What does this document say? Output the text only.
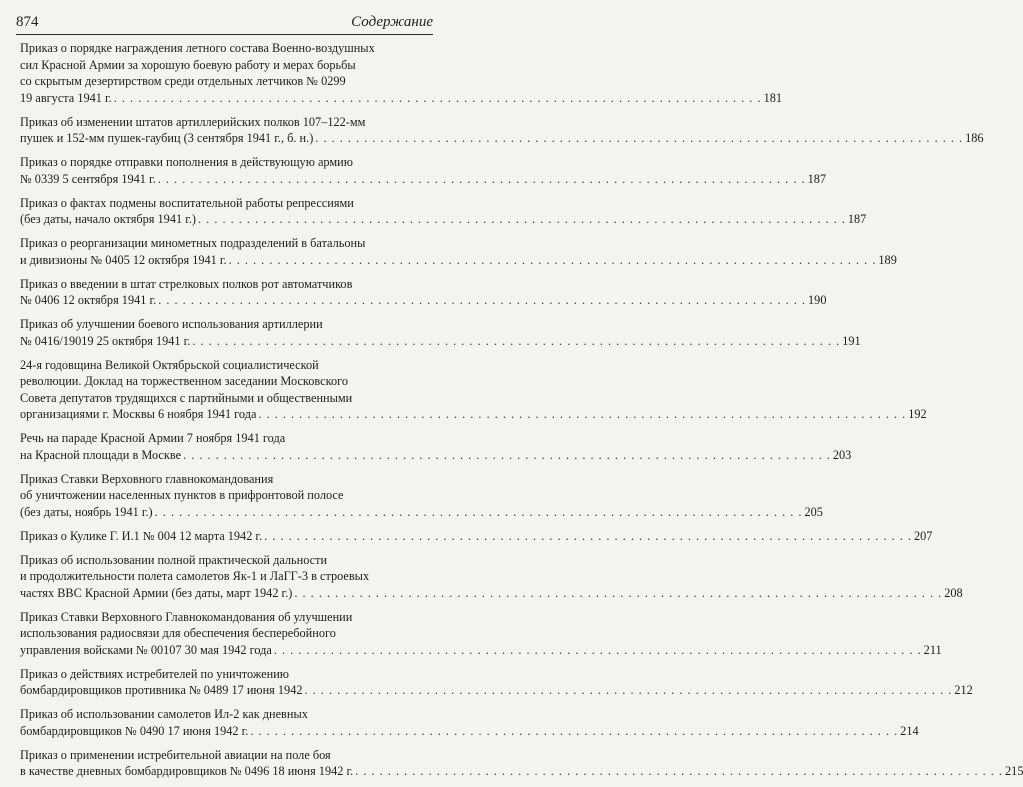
874	Содержание
Приказ о порядке награждения летного состава Военно-воздушных
сил Красной Армии за хорошую боевую работу и мерах борьбы
со скрытым дезертирством среди отдельных летчиков № 0299
19 августа 1941 г. . . . . . . . . . . . . . . . . . . . . . . . . . . . . . . . . . . . . . . . . . . . . . . . . . . . . . . . . . . . . . . . . . . . . . . . . . . . . . . . . 181
Приказ об изменении штатов артиллерийских полков 107–122-мм
пушек и 152-мм пушек-гаубиц (3 сентября 1941 г., б. н.) . . . . . . . . . . . . . . . . . . . . . . . . . . . . . . . . . . . . . . . . . . . . . . . . . . . . . . . . . . . . . . . . . . . . . . . . . . . . . . . . 186
Приказ о порядке отправки пополнения в действующую армию
№ 0339 5 сентября 1941 г. . . . . . . . . . . . . . . . . . . . . . . . . . . . . . . . . . . . . . . . . . . . . . . . . . . . . . . . . . . . . . . . . . . . . . . . . . . . . . . . . 187
Приказ о фактах подмены воспитательной работы репрессиями
(без даты, начало октября 1941 г.) . . . . . . . . . . . . . . . . . . . . . . . . . . . . . . . . . . . . . . . . . . . . . . . . . . . . . . . . . . . . . . . . . . . . . . . . . . . . . . . . 187
Приказ о реорганизации минометных подразделений в батальоны
и дивизионы № 0405 12 октября 1941 г. . . . . . . . . . . . . . . . . . . . . . . . . . . . . . . . . . . . . . . . . . . . . . . . . . . . . . . . . . . . . . . . . . . . . . . . . . . . . . . . . 189
Приказ о введении в штат стрелковых полков рот автоматчиков
№ 0406 12 октября 1941 г. . . . . . . . . . . . . . . . . . . . . . . . . . . . . . . . . . . . . . . . . . . . . . . . . . . . . . . . . . . . . . . . . . . . . . . . . . . . . . . . . 190
Приказ об улучшении боевого использования артиллерии
№ 0416/19019 25 октября 1941 г. . . . . . . . . . . . . . . . . . . . . . . . . . . . . . . . . . . . . . . . . . . . . . . . . . . . . . . . . . . . . . . . . . . . . . . . . . . . . . . . . 191
24-я годовщина Великой Октябрьской социалистической
революции. Доклад на торжественном заседании Московского
Совета депутатов трудящихся с партийными и общественными
организациями г. Москвы 6 ноября 1941 года . . . . . . . . . . . . . . . . . . . . . . . . . . . . . . . . . . . . . . . . . . . . . . . . . . . . . . . . . . . . . . . . . . . . . . . . . . . . . . . . 192
Речь на параде Красной Армии 7 ноября 1941 года
на Красной площади в Москве . . . . . . . . . . . . . . . . . . . . . . . . . . . . . . . . . . . . . . . . . . . . . . . . . . . . . . . . . . . . . . . . . . . . . . . . . . . . . . . . 203
Приказ Ставки Верховного главнокомандования
об уничтожении населенных пунктов в прифронтовой полосе
(без даты, ноябрь 1941 г.) . . . . . . . . . . . . . . . . . . . . . . . . . . . . . . . . . . . . . . . . . . . . . . . . . . . . . . . . . . . . . . . . . . . . . . . . . . . . . . . . 205
Приказ о Кулике Г. И.1 № 004 12 марта 1942 г. . . . . . . . . . . . . . . . . . . . . . . . . . . . . . . . . . . . . . . . . . . . . . . . . . . . . . . . . . . . . . . . . . . . . . . . . . . . . . . . . 207
Приказ об использовании полной практической дальности
и продолжительности полета самолетов Як-1 и ЛаГГ-3 в строевых
частях ВВС Красной Армии (без даты, март 1942 г.) . . . . . . . . . . . . . . . . . . . . . . . . . . . . . . . . . . . . . . . . . . . . . . . . . . . . . . . . . . . . . . . . . . . . . . . . . . . . . . . . 208
Приказ Ставки Верховного Главнокомандования об улучшении
использования радиосвязи для обеспечения бесперебойного
управления войсками № 00107 30 мая 1942 года . . . . . . . . . . . . . . . . . . . . . . . . . . . . . . . . . . . . . . . . . . . . . . . . . . . . . . . . . . . . . . . . . . . . . . . . . . . . . . . . 211
Приказ о действиях истребителей по уничтожению
бомбардировщиков противника № 0489 17 июня 1942 . . . . . . . . . . . . . . . . . . . . . . . . . . . . . . . . . . . . . . . . . . . . . . . . . . . . . . . . . . . . . . . . . . . . . . . . . . . . . . . . 212
Приказ об использовании самолетов Ил-2 как дневных
бомбардировщиков № 0490 17 июня 1942 г. . . . . . . . . . . . . . . . . . . . . . . . . . . . . . . . . . . . . . . . . . . . . . . . . . . . . . . . . . . . . . . . . . . . . . . . . . . . . . . . . 214
Приказ о применении истребительной авиации на поле боя
в качестве дневных бомбардировщиков № 0496 18 июня 1942 г. . . . . . . . . . . . . . . . . . . . . . . . . . . . . . . . . . . . . . . . . . . . . . . . . . . . . . . . . . . . . . . . . . . . . . . . . . . . . . . . . 215
